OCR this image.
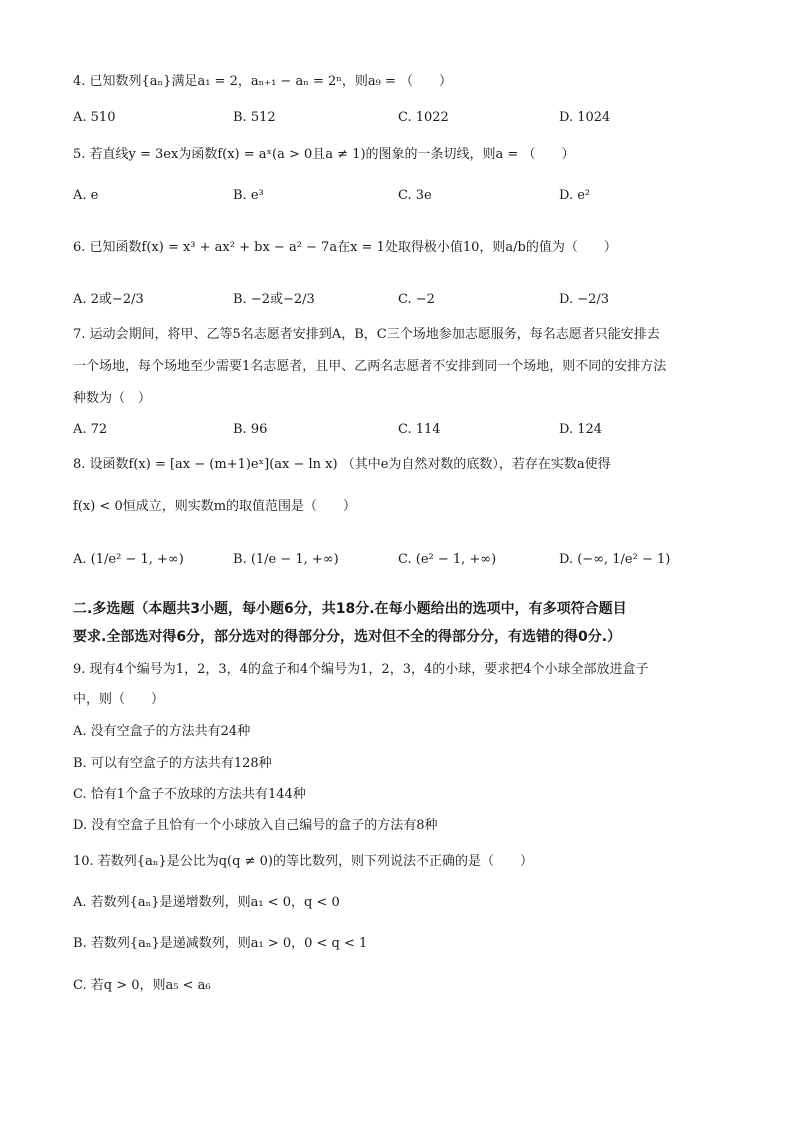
4. 已知数列{aₙ}满足a₁ = 2，aₙ₊₁ − aₙ = 2ⁿ，则a₉ = （　　）
A. 510	B. 512	C. 1022	D. 1024
5. 若直线y = 3ex为函数f(x) = aˣ(a > 0且a ≠ 1)的图象的一条切线，则a = （　　）
A. e	B. e³	C. 3e	D. e²
6. 已知函数f(x) = x³ + ax² + bx − a² − 7a在x = 1处取得极小值10，则a/b的值为（　　）
A. 2或−2/3	B. −2或−2/3	C. −2	D. −2/3
7. 运动会期间，将甲、乙等5名志愿者安排到A，B，C三个场地参加志愿服务，每名志愿者只能安排去
一个场地，每个场地至少需要1名志愿者，且甲、乙两名志愿者不安排到同一个场地，则不同的安排方法
种数为（　）
A. 72	B. 96	C. 114	D. 124
8. 设函数f(x) = [ax − (m+1)eˣ](ax − ln x) （其中e为自然对数的底数），若存在实数a使得
f(x) < 0恒成立，则实数m的取值范围是（　　）
A. (1/e² − 1, +∞)	B. (1/e − 1, +∞)	C. (e² − 1, +∞)	D. (−∞, 1/e² − 1)
二.多选题（本题共3小题，每小题6分，共18分.在每小题给出的选项中，有多项符合题目
要求.全部选对得6分，部分选对的得部分分，选对但不全的得部分分，有选错的得0分.）
9. 现有4个编号为1，2，3，4的盒子和4个编号为1，2，3，4的小球，要求把4个小球全部放进盒子
中，则（　　）
A. 没有空盒子的方法共有24种
B. 可以有空盒子的方法共有128种
C. 恰有1个盒子不放球的方法共有144种
D. 没有空盒子且恰有一个小球放入自己编号的盒子的方法有8种
10. 若数列{aₙ}是公比为q(q ≠ 0)的等比数列，则下列说法不正确的是（　　）
A. 若数列{aₙ}是递增数列，则a₁ < 0，q < 0
B. 若数列{aₙ}是递减数列，则a₁ > 0，0 < q < 1
C. 若q > 0，则a₅ < a₆
